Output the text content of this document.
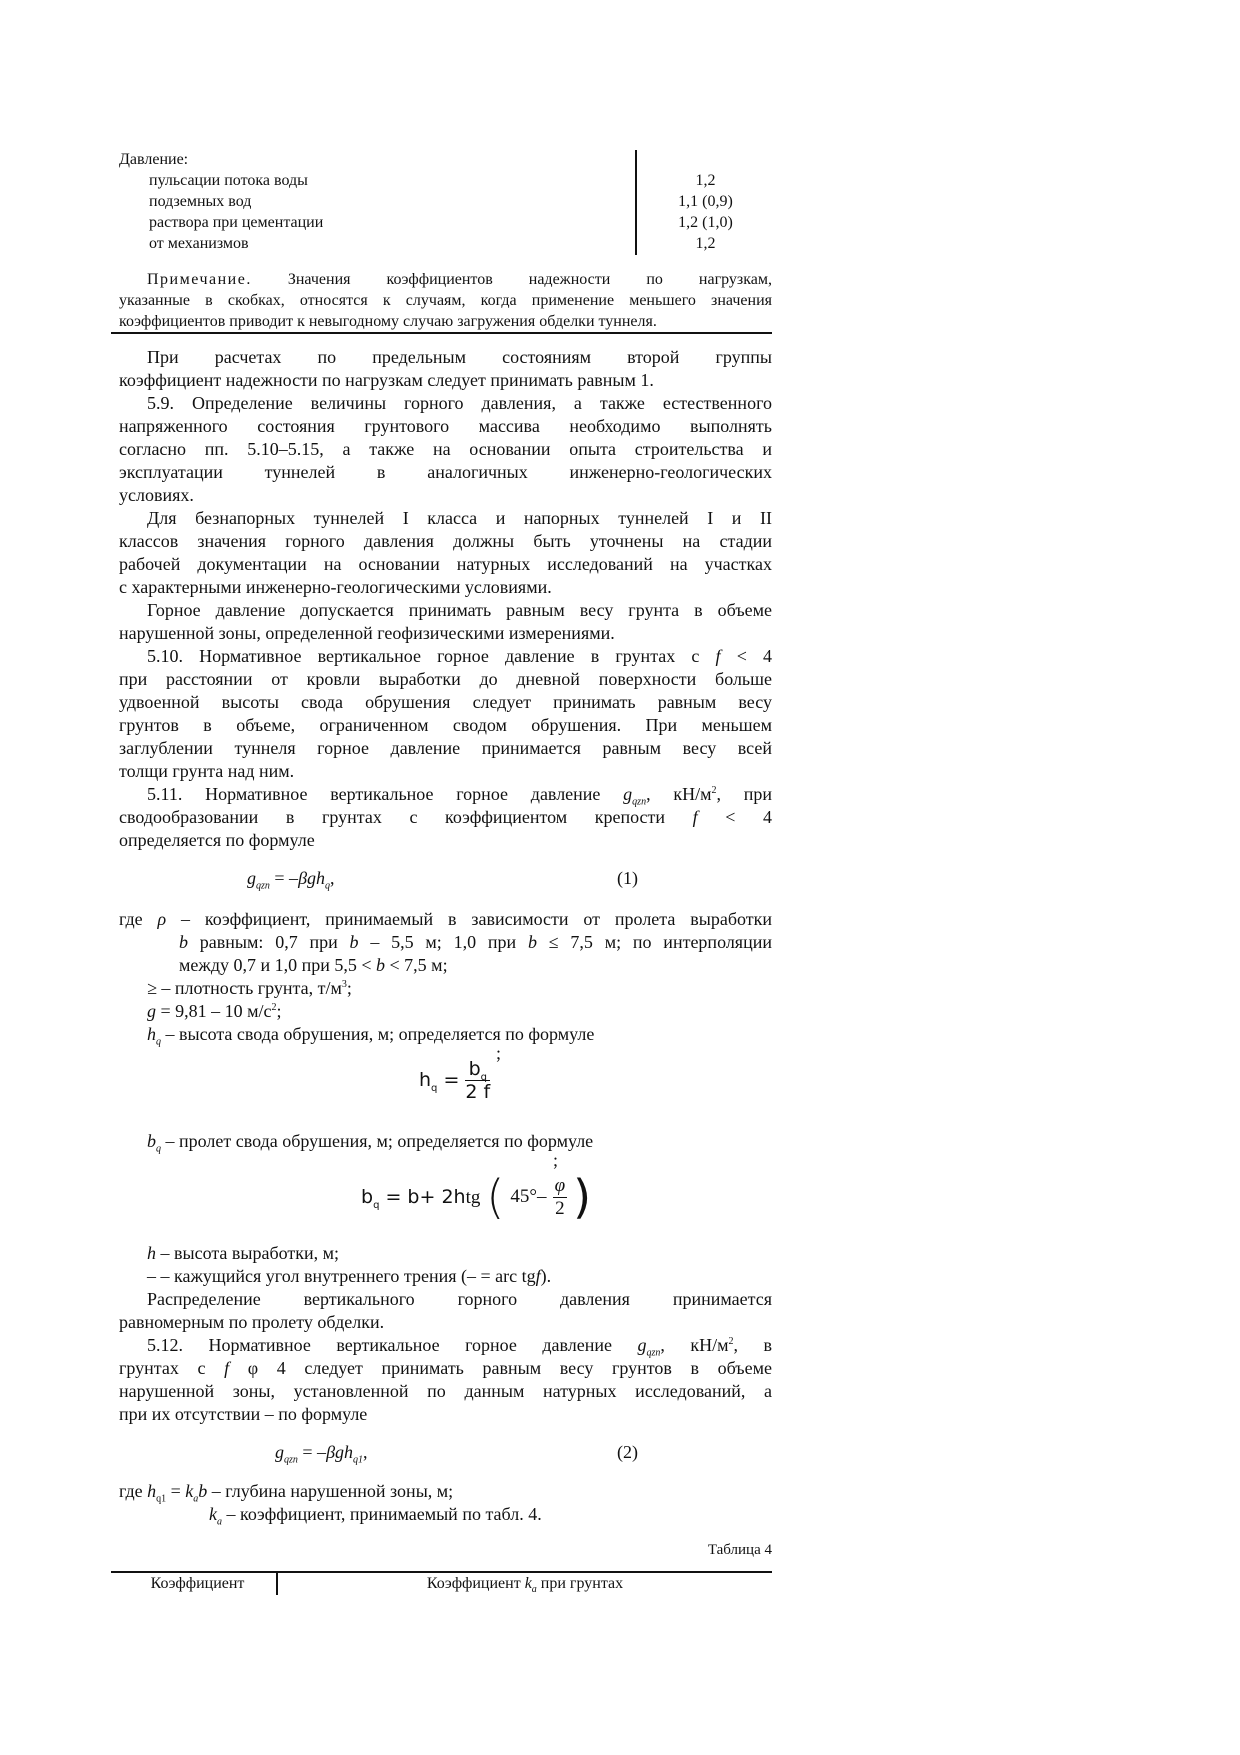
Давление:
пульсации потока воды	1,2
подземных вод	1,1 (0,9)
раствора при цементации	1,2 (1,0)
от механизмов	1,2
Примечание. Значения коэффициентов надежности по нагрузкам,
указанные в скобках, относятся к случаям, когда применение меньшего значения
коэффициентов приводит к невыгодному случаю загружения обделки туннеля.
При расчетах по предельным состояниям второй группы
коэффициент надежности по нагрузкам следует принимать равным 1.
5.9. Определение величины горного давления, а также естественного
напряженного состояния грунтового массива необходимо выполнять
согласно пп. 5.10–5.15, а также на основании опыта строительства и
эксплуатации туннелей в аналогичных инженерно-геологических
условиях.
Для безнапорных туннелей I класса и напорных туннелей I и II
классов значения горного давления должны быть уточнены на стадии
рабочей документации на основании натурных исследований на участках
с характерными инженерно-геологическими условиями.
Горное давление допускается принимать равным весу грунта в объеме
нарушенной зоны, определенной геофизическими измерениями.
5.10. Нормативное вертикальное горное давление в грунтах с f < 4
при расстоянии от кровли выработки до дневной поверхности больше
удвоенной высоты свода обрушения следует принимать равным весу
грунтов в объеме, ограниченном сводом обрушения. При меньшем
заглублении туннеля горное давление принимается равным весу всей
толщи грунта над ним.
5.11. Нормативное вертикальное горное давление $g_{qzn}$, $кН/м^2$, при
сводообразовании в грунтах с коэффициентом крепости f < 4
определяется по формуле
$g_{qzn} = -\beta gh_q$,	(1)
где ρ – коэффициент, принимаемый в зависимости от пролета выработки
b равным: 0,7 при b – 5,5 м; 1,0 при b ≤ 7,5 м; по интерполяции
между 0,7 и 1,0 при 5,5 < b < 7,5 м;
≥ – плотность грунта, $т/м^3$;
g = 9,81 – 10 $м/с^2$;
$h_q$ – высота свода обрушения, м; определяется по формуле
;
$h_q = \frac{b_q}{2 f}$
$b_q$ – пролет свода обрушения, м; определяется по формуле
;
$b_q = b+ 2htg$ ( $45^\circ- \frac{\varphi}{2}$ )
h – высота выработки, м;
– – кажущийся угол внутреннего трения (– = arc tgf).
Распределение вертикального горного давления принимается
равномерным по пролету обделки.
5.12. Нормативное вертикальное горное давление $g_{qzn}$, $кН/м^2$, в
грунтах с f φ 4 следует принимать равным весу грунтов в объеме
нарушенной зоны, установленной по данным натурных исследований, а
при их отсутствии – по формуле
$g_{qzn} = -\beta gh_{q1}$,	(2)
где $h_{q1} = k_ab$ – глубина нарушенной зоны, м;
$k_a$ – коэффициент, принимаемый по табл. 4.
Таблица 4
Коэффициент	Коэффициент $k_a$ при грунтах
